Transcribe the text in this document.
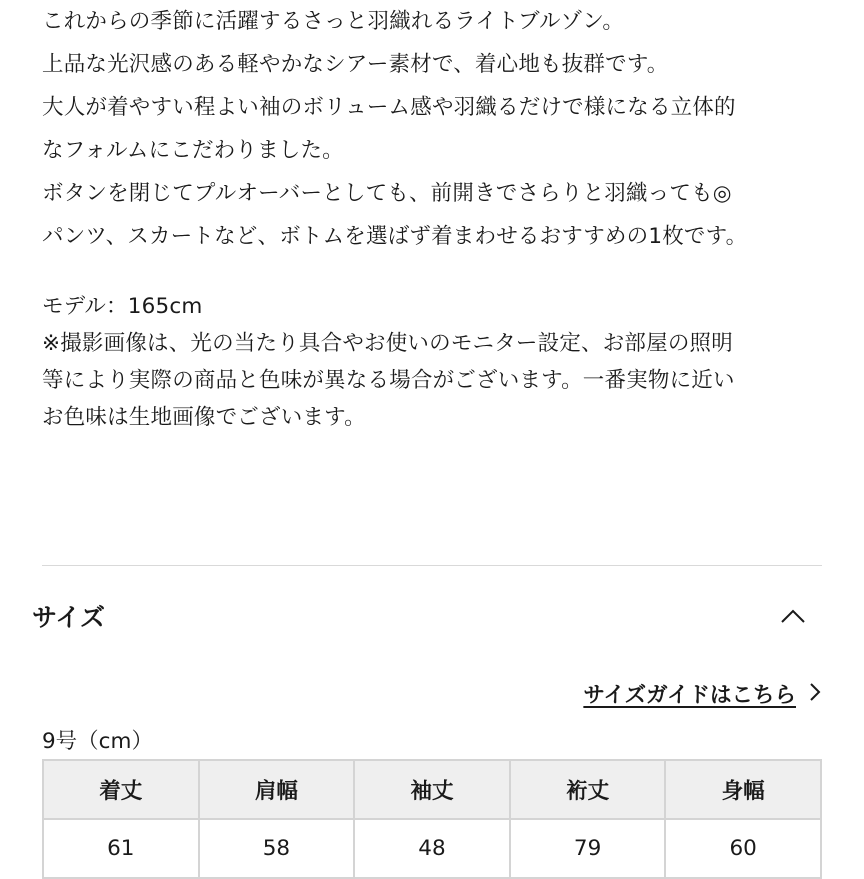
これからの季節に活躍するさっと羽織れるライトブルゾン。

上品な光沢感のある軽やかなシアー素材で、着心地も抜群です。

大人が着やすい程よい袖のボリューム感や羽織るだけで様になる立体的

なフォルムにこだわりました。

ボタンを閉じてプルオーバーとしても、前開きでさらりと羽織っても◎

パンツ、スカートなど、ボトムを選ばず着まわせるおすすめの1枚です。

モデル：165cm

※撮影画像は、光の当たり具合やお使いのモニター設定、お部屋の照明

等により実際の商品と色味が異なる場合がございます。一番実物に近い

お色味は生地画像でございます。

サイズ
サイズガイドはこちら
9号（cm）
着丈	肩幅	袖丈	裄丈	身幅
61	58	48	79	60
